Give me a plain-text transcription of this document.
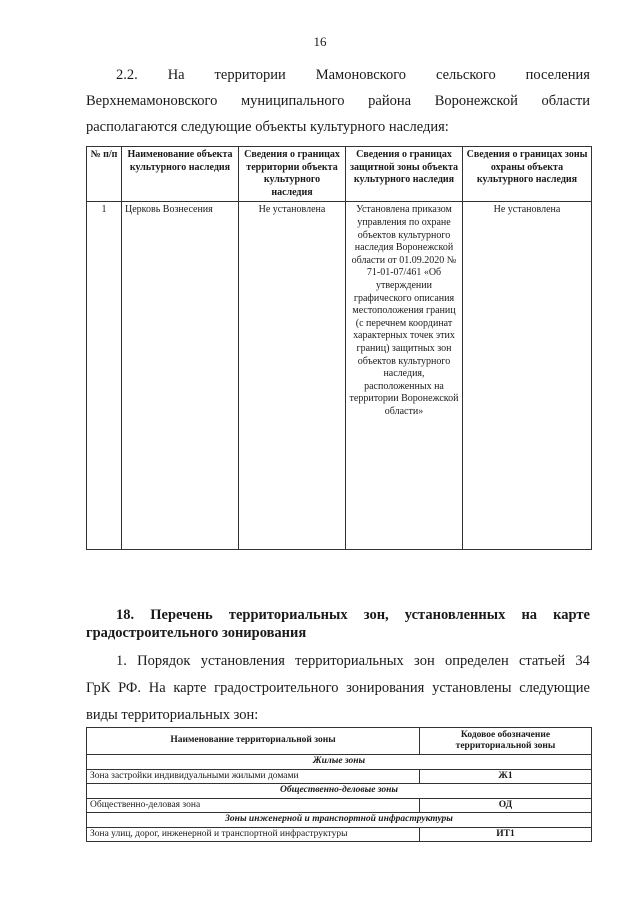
16
2.2. На территории Мамоновского сельского поселения
Верхнемамоновского муниципального района Воронежской области
располагаются следующие объекты культурного наследия:
№ п/п	Наименование объекта культурного наследия	Сведения о границах территории объекта культурного наследия	Сведения о границах защитной зоны объекта культурного наследия	Сведения о границах зоны охраны объекта культурного наследия
1	Церковь Вознесения	Не установлена	Установлена приказом управления по охране объектов культурного наследия Воронежской области от 01.09.2020 № 71-01-07/461 «Об утверждении графического описания местоположения границ (с перечнем координат характерных точек этих границ) защитных зон объектов культурного наследия, расположенных на территории Воронежской области»	Не установлена
18. Перечень территориальных зон, установленных на карте
градостроительного зонирования
1. Порядок установления территориальных зон определен статьей 34
ГрК РФ. На карте градостроительного зонирования установлены следующие
виды территориальных зон:
Наименование территориальной зоны	Кодовое обозначение территориальной зоны
Жилые зоны	
Зона застройки индивидуальными жилыми домами	Ж1
Общественно-деловые зоны	
Общественно-деловая зона	ОД
Зоны инженерной и транспортной инфраструктуры	
Зона улиц, дорог, инженерной и транспортной инфраструктуры	ИТ1
